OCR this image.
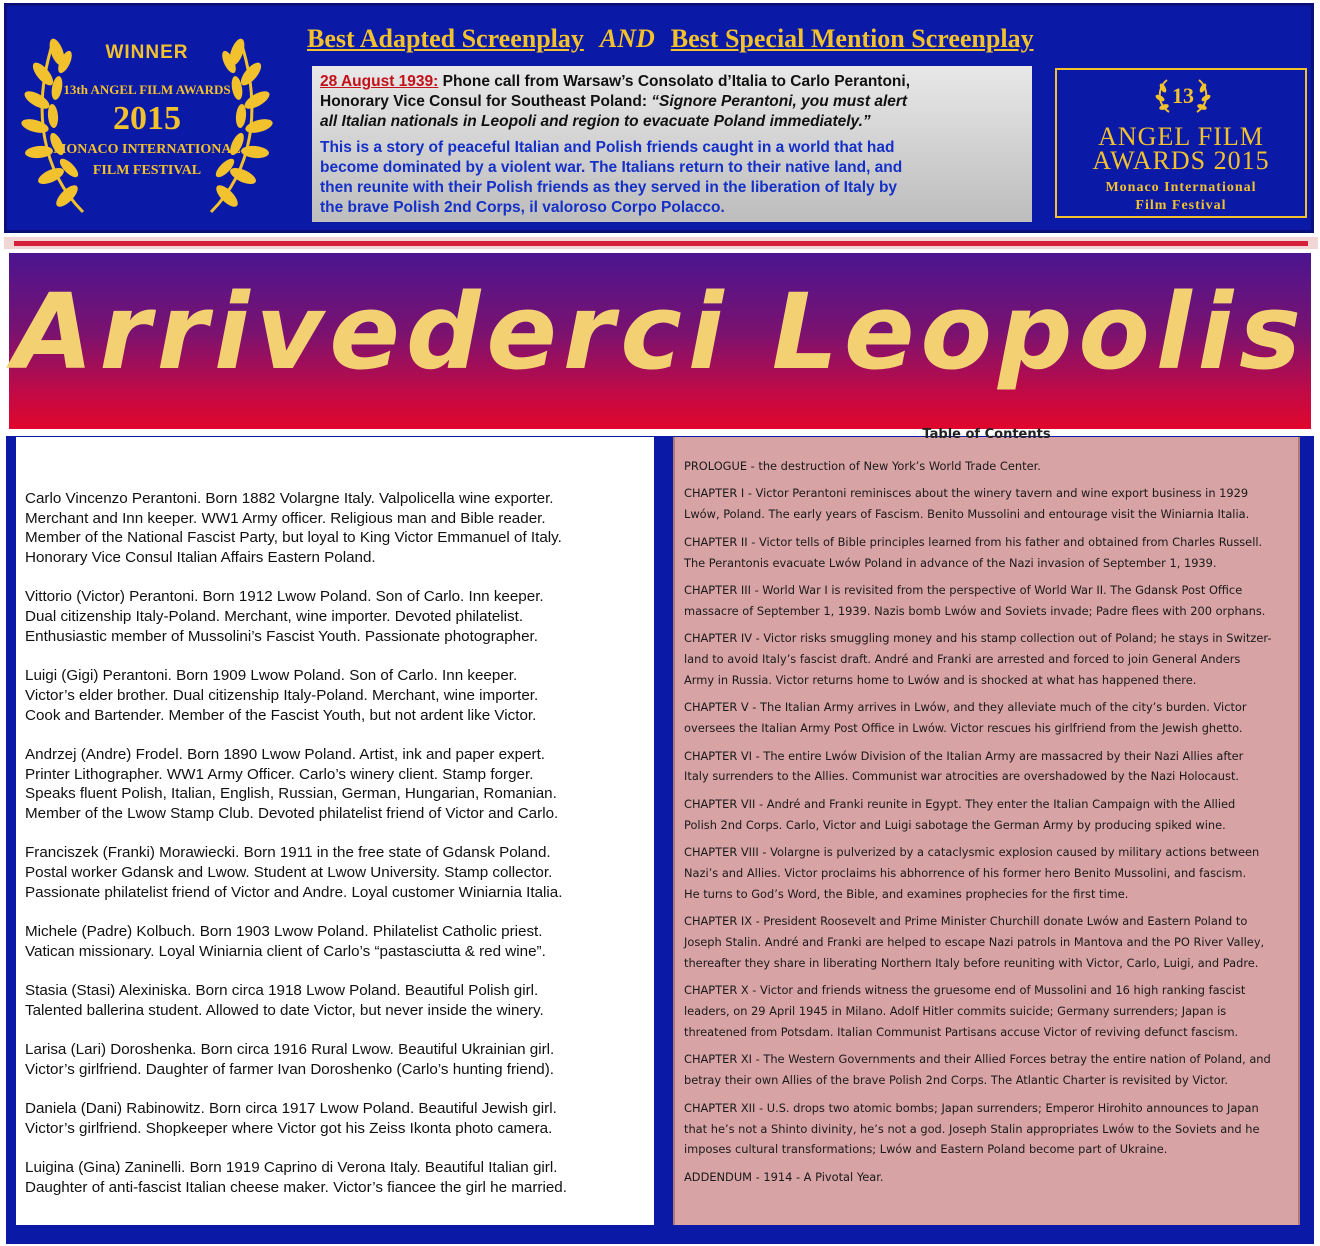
WINNER
13th ANGEL FILM AWARDS
2015
MONACO INTERNATIONAL
FILM FESTIVAL
Best Adapted Screenplay AND Best Special Mention Screenplay
28 August 1939: Phone call from Warsaw’s Consolato d’Italia to Carlo Perantoni,
Honorary Vice Consul for Southeast Poland: “Signore Perantoni, you must alert
all Italian nationals in Leopoli and region to evacuate Poland immediately.”
This is a story of peaceful Italian and Polish friends caught in a world that had
become dominated by a violent war. The Italians return to their native land, and
then reunite with their Polish friends as they served in the liberation of Italy by
the brave Polish 2nd Corps, il valoroso Corpo Polacco.
13
ANGEL FILM
AWARDS 2015
Monaco International
Film Festival
Arrivederci Leopolis
Carlo Vincenzo Perantoni. Born 1882 Volargne Italy. Valpolicella wine exporter.
Merchant and Inn keeper. WW1 Army officer. Religious man and Bible reader.
Member of the National Fascist Party, but loyal to King Victor Emmanuel of Italy.
Honorary Vice Consul Italian Affairs Eastern Poland.
Vittorio (Victor) Perantoni. Born 1912 Lwow Poland. Son of Carlo. Inn keeper.
Dual citizenship Italy-Poland. Merchant, wine importer. Devoted philatelist.
Enthusiastic member of Mussolini’s Fascist Youth. Passionate photographer.
Luigi (Gigi) Perantoni. Born 1909 Lwow Poland. Son of Carlo. Inn keeper.
Victor’s elder brother. Dual citizenship Italy-Poland. Merchant, wine importer.
Cook and Bartender. Member of the Fascist Youth, but not ardent like Victor.
Andrzej (Andre) Frodel. Born 1890 Lwow Poland. Artist, ink and paper expert.
Printer Lithographer. WW1 Army Officer. Carlo’s winery client. Stamp forger.
Speaks fluent Polish, Italian, English, Russian, German, Hungarian, Romanian.
Member of the Lwow Stamp Club. Devoted philatelist friend of Victor and Carlo.
Franciszek (Franki) Morawiecki. Born 1911 in the free state of Gdansk Poland.
Postal worker Gdansk and Lwow. Student at Lwow University. Stamp collector.
Passionate philatelist friend of Victor and Andre. Loyal customer Winiarnia Italia.
Michele (Padre) Kolbuch. Born 1903 Lwow Poland. Philatelist Catholic priest.
Vatican missionary. Loyal Winiarnia client of Carlo’s “pastasciutta & red wine”.
Stasia (Stasi) Alexiniska. Born circa 1918 Lwow Poland. Beautiful Polish girl.
Talented ballerina student. Allowed to date Victor, but never inside the winery.
Larisa (Lari) Doroshenka. Born circa 1916 Rural Lwow. Beautiful Ukrainian girl.
Victor’s girlfriend. Daughter of farmer Ivan Doroshenko (Carlo’s hunting friend).
Daniela (Dani) Rabinowitz. Born circa 1917 Lwow Poland. Beautiful Jewish girl.
Victor’s girlfriend. Shopkeeper where Victor got his Zeiss Ikonta photo camera.
Luigina (Gina) Zaninelli. Born 1919 Caprino di Verona Italy. Beautiful Italian girl.
Daughter of anti-fascist Italian cheese maker. Victor’s fiancee the girl he married.
Table of Contents
PROLOGUE - the destruction of New York’s World Trade Center.
CHAPTER I - Victor Perantoni reminisces about the winery tavern and wine export business in 1929
Lwów, Poland. The early years of Fascism. Benito Mussolini and entourage visit the Winiarnia Italia.
CHAPTER II - Victor tells of Bible principles learned from his father and obtained from Charles Russell.
The Perantonis evacuate Lwów Poland in advance of the Nazi invasion of September 1, 1939.
CHAPTER III - World War I is revisited from the perspective of World War II. The Gdansk Post Office
massacre of September 1, 1939. Nazis bomb Lwów and Soviets invade; Padre flees with 200 orphans.
CHAPTER IV - Victor risks smuggling money and his stamp collection out of Poland; he stays in Switzer-
land to avoid Italy’s fascist draft. André and Franki are arrested and forced to join General Anders
Army in Russia. Victor returns home to Lwów and is shocked at what has happened there.
CHAPTER V - The Italian Army arrives in Lwów, and they alleviate much of the city’s burden. Victor
oversees the Italian Army Post Office in Lwów. Victor rescues his girlfriend from the Jewish ghetto.
CHAPTER VI - The entire Lwów Division of the Italian Army are massacred by their Nazi Allies after
Italy surrenders to the Allies. Communist war atrocities are overshadowed by the Nazi Holocaust.
CHAPTER VII - André and Franki reunite in Egypt. They enter the Italian Campaign with the Allied
Polish 2nd Corps. Carlo, Victor and Luigi sabotage the German Army by producing spiked wine.
CHAPTER VIII - Volargne is pulverized by a cataclysmic explosion caused by military actions between
Nazi’s and Allies. Victor proclaims his abhorrence of his former hero Benito Mussolini, and fascism.
He turns to God’s Word, the Bible, and examines prophecies for the first time.
CHAPTER IX - President Roosevelt and Prime Minister Churchill donate Lwów and Eastern Poland to
Joseph Stalin. André and Franki are helped to escape Nazi patrols in Mantova and the PO River Valley,
thereafter they share in liberating Northern Italy before reuniting with Victor, Carlo, Luigi, and Padre.
CHAPTER X - Victor and friends witness the gruesome end of Mussolini and 16 high ranking fascist
leaders, on 29 April 1945 in Milano. Adolf Hitler commits suicide; Germany surrenders; Japan is
threatened from Potsdam. Italian Communist Partisans accuse Victor of reviving defunct fascism.
CHAPTER XI - The Western Governments and their Allied Forces betray the entire nation of Poland, and
betray their own Allies of the brave Polish 2nd Corps. The Atlantic Charter is revisited by Victor.
CHAPTER XII - U.S. drops two atomic bombs; Japan surrenders; Emperor Hirohito announces to Japan
that he’s not a Shinto divinity, he’s not a god. Joseph Stalin appropriates Lwów to the Soviets and he
imposes cultural transformations; Lwów and Eastern Poland become part of Ukraine.
ADDENDUM - 1914 - A Pivotal Year.
